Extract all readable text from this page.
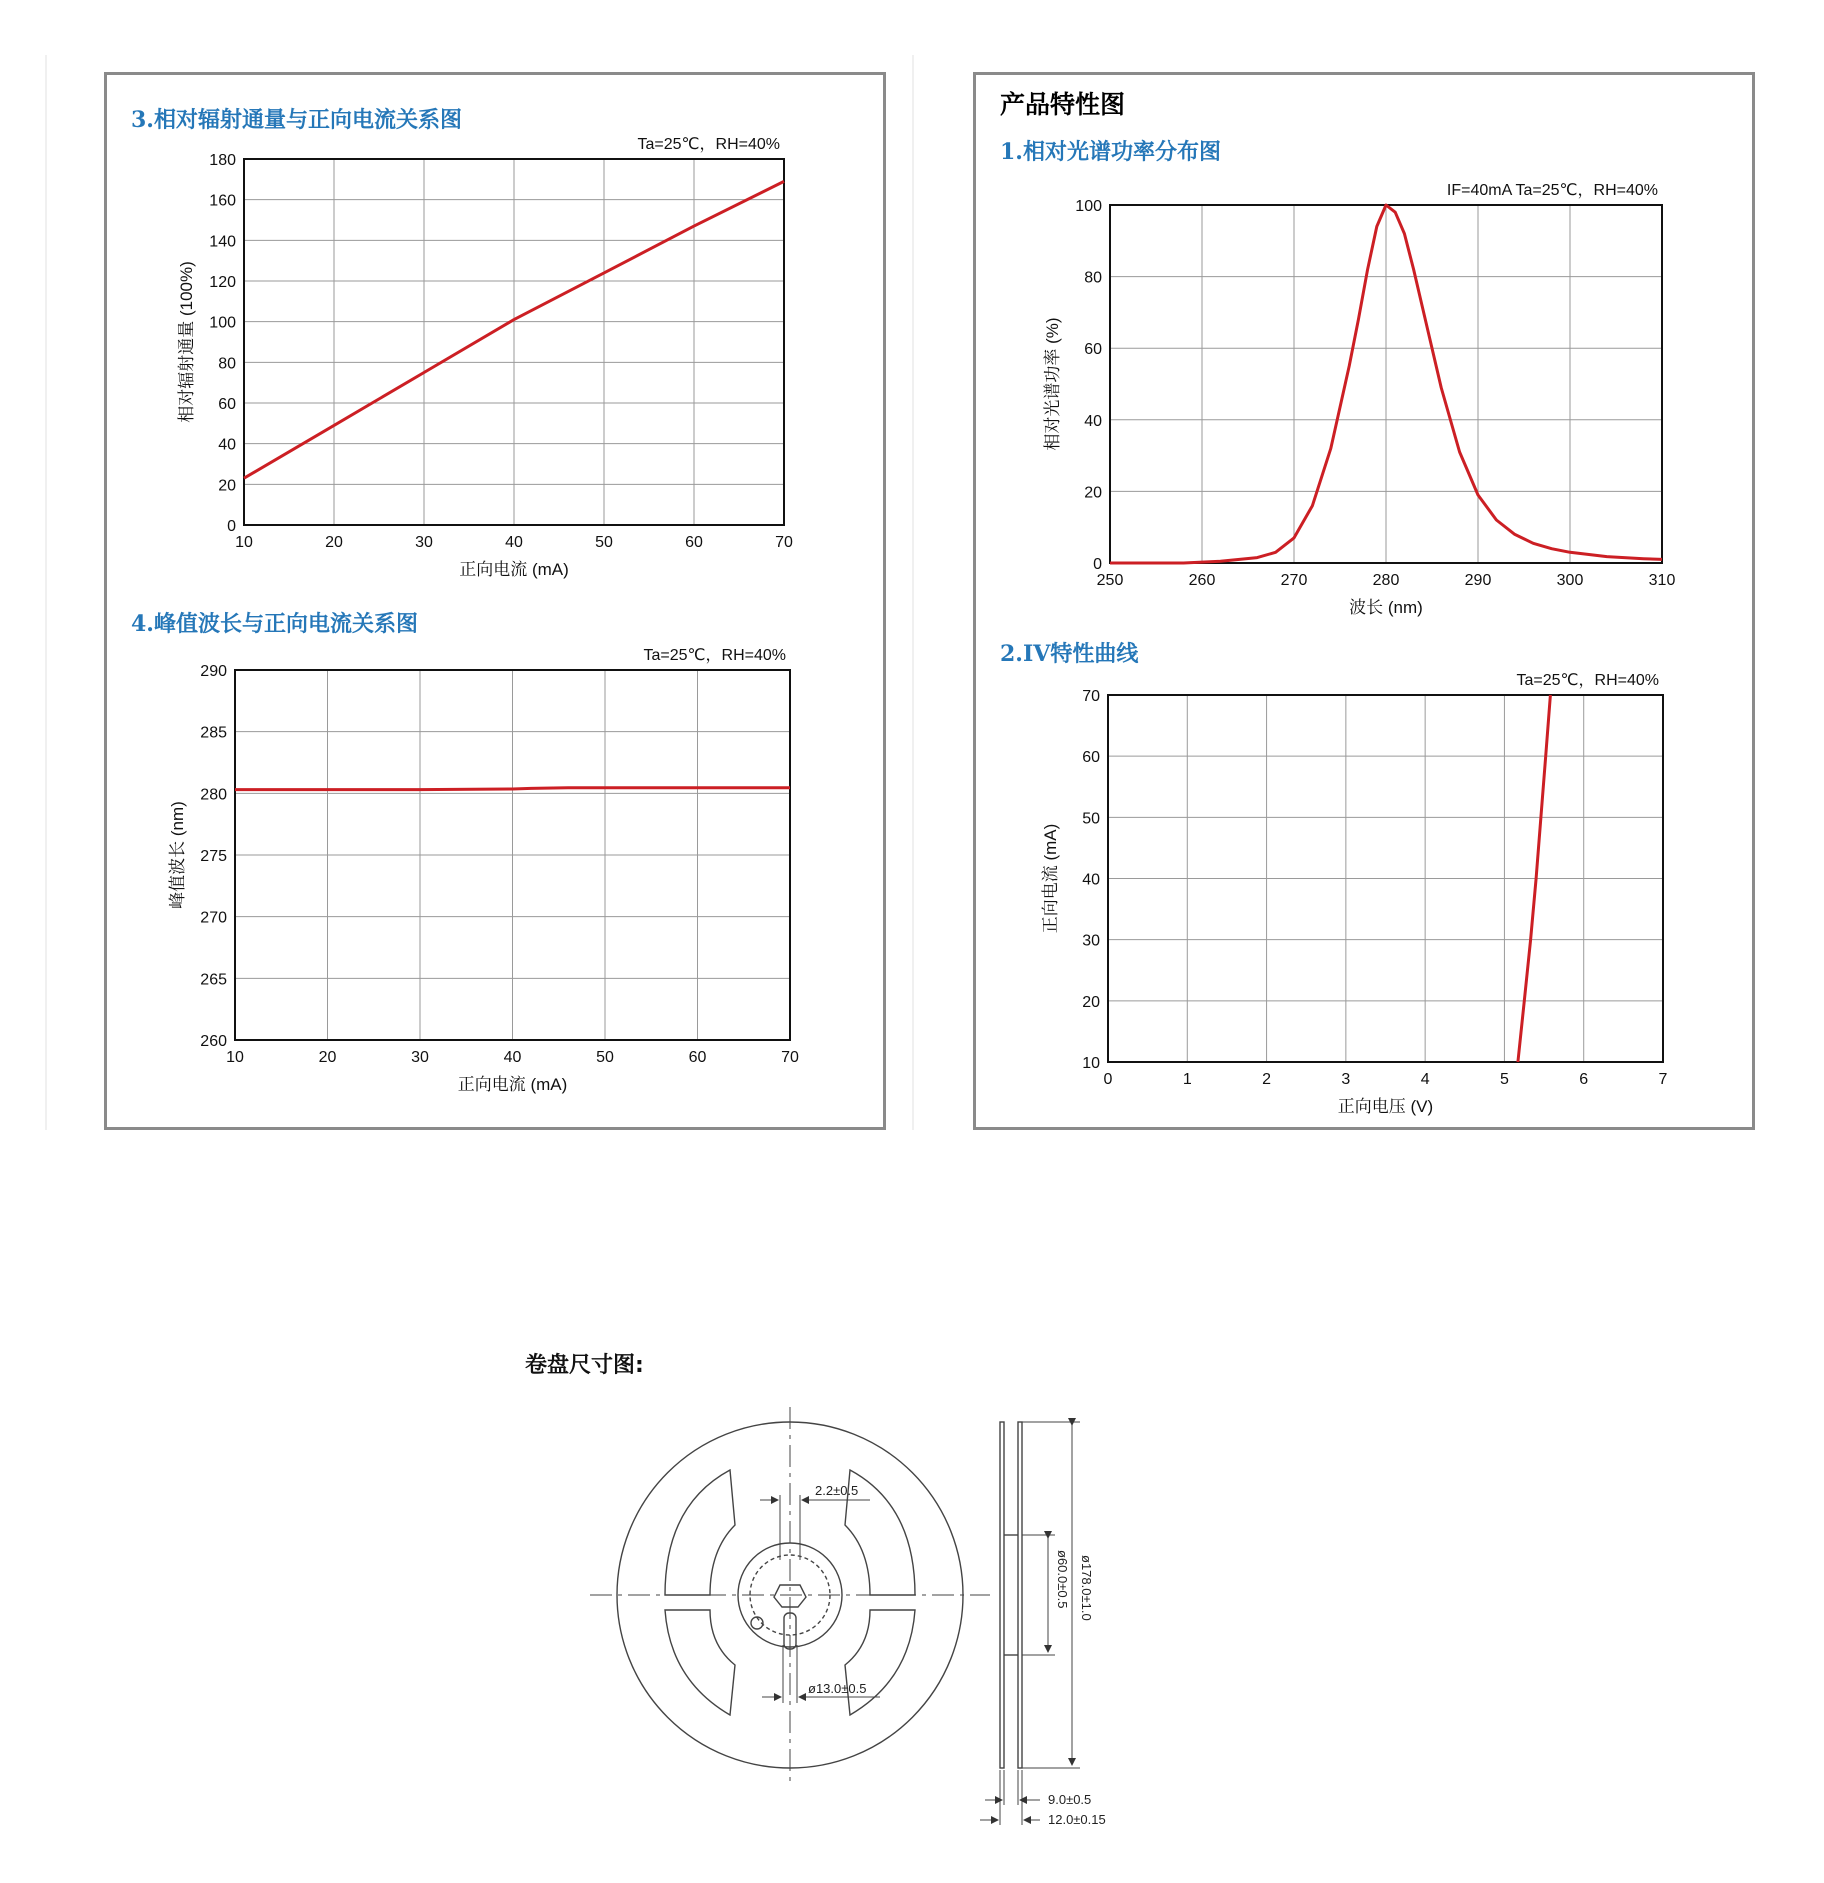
3.相对辐射通量与正向电流关系图
10	20	30	40	50	60	70
0
20
40
60
80
100
120
140
160
180
Ta=25℃，RH=40%
正向电流 (mA)
相对辐射通量 (100%)
4.峰值波长与正向电流关系图
10	20	30	40	50	60	70
260
265
270
275
280
285
290
Ta=25℃，RH=40%
正向电流 (mA)
峰值波长 (nm)
产品特性图
1.相对光谱功率分布图
250	260	270	280	290	300	310
0
20
40
60
80
100
IF=40mA Ta=25℃，RH=40%
波长 (nm)
相对光谱功率 (%)
2.IV特性曲线
0	1	2	3	4	5	6	7
10
20
30
40
50
60
70
Ta=25℃，RH=40%
正向电压 (V)
正向电流 (mA)
卷盘尺寸图:
2.2±0.5
ø13.0±0.5
ø60.0±0.5 ø178.0±1.0
9.0±0.5
12.0±0.15
